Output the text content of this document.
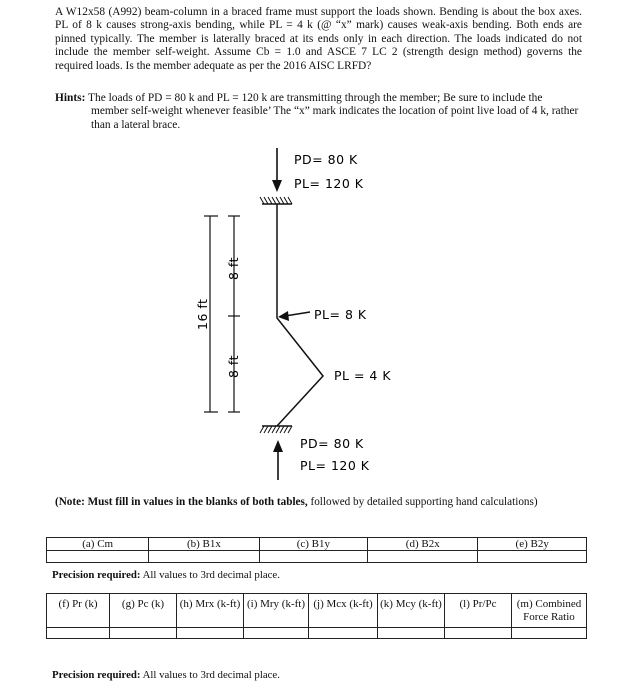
A W12x58 (A992) beam-column in a braced frame must support the loads shown. Bending is about the box axes. PL of 8 k causes strong-axis bending, while PL = 4 k (@ “x” mark) causes weak-axis bending. Both ends are pinned typically. The member is laterally braced at its ends only in each direction. The loads indicated do not include the member self-weight. Assume Cb = 1.0 and ASCE 7 LC 2 (strength design method) governs the required loads. Is the member adequate as per the 2016 AISC LRFD?
Hints: The loads of PD = 80 k and PL = 120 k are transmitting through the member; Be sure to include the member self-weight whenever feasible’ The “x” mark indicates the location of point live load of 4 k, rather than a lateral brace.
PD= 80 K
PL= 120 K
PL= 8 K
PL = 4 K
PD= 80 K
PL= 120 K
16 ft
8 ft
8 ft
(Note: Must fill in values in the blanks of both tables, followed by detailed supporting hand calculations)
(a) Cm	(b) B1x	(c) B1y	(d) B2x	(e) B2y

Precision required: All values to 3rd decimal place.
(f) Pr (k)	(g) Pc (k)	(h) Mrx (k-ft)	(i) Mry (k-ft)	(j) Mcx (k-ft)	(k) Mcy (k-ft)	(l) Pr/Pc	(m) Combined Force Ratio

Precision required: All values to 3rd decimal place.
